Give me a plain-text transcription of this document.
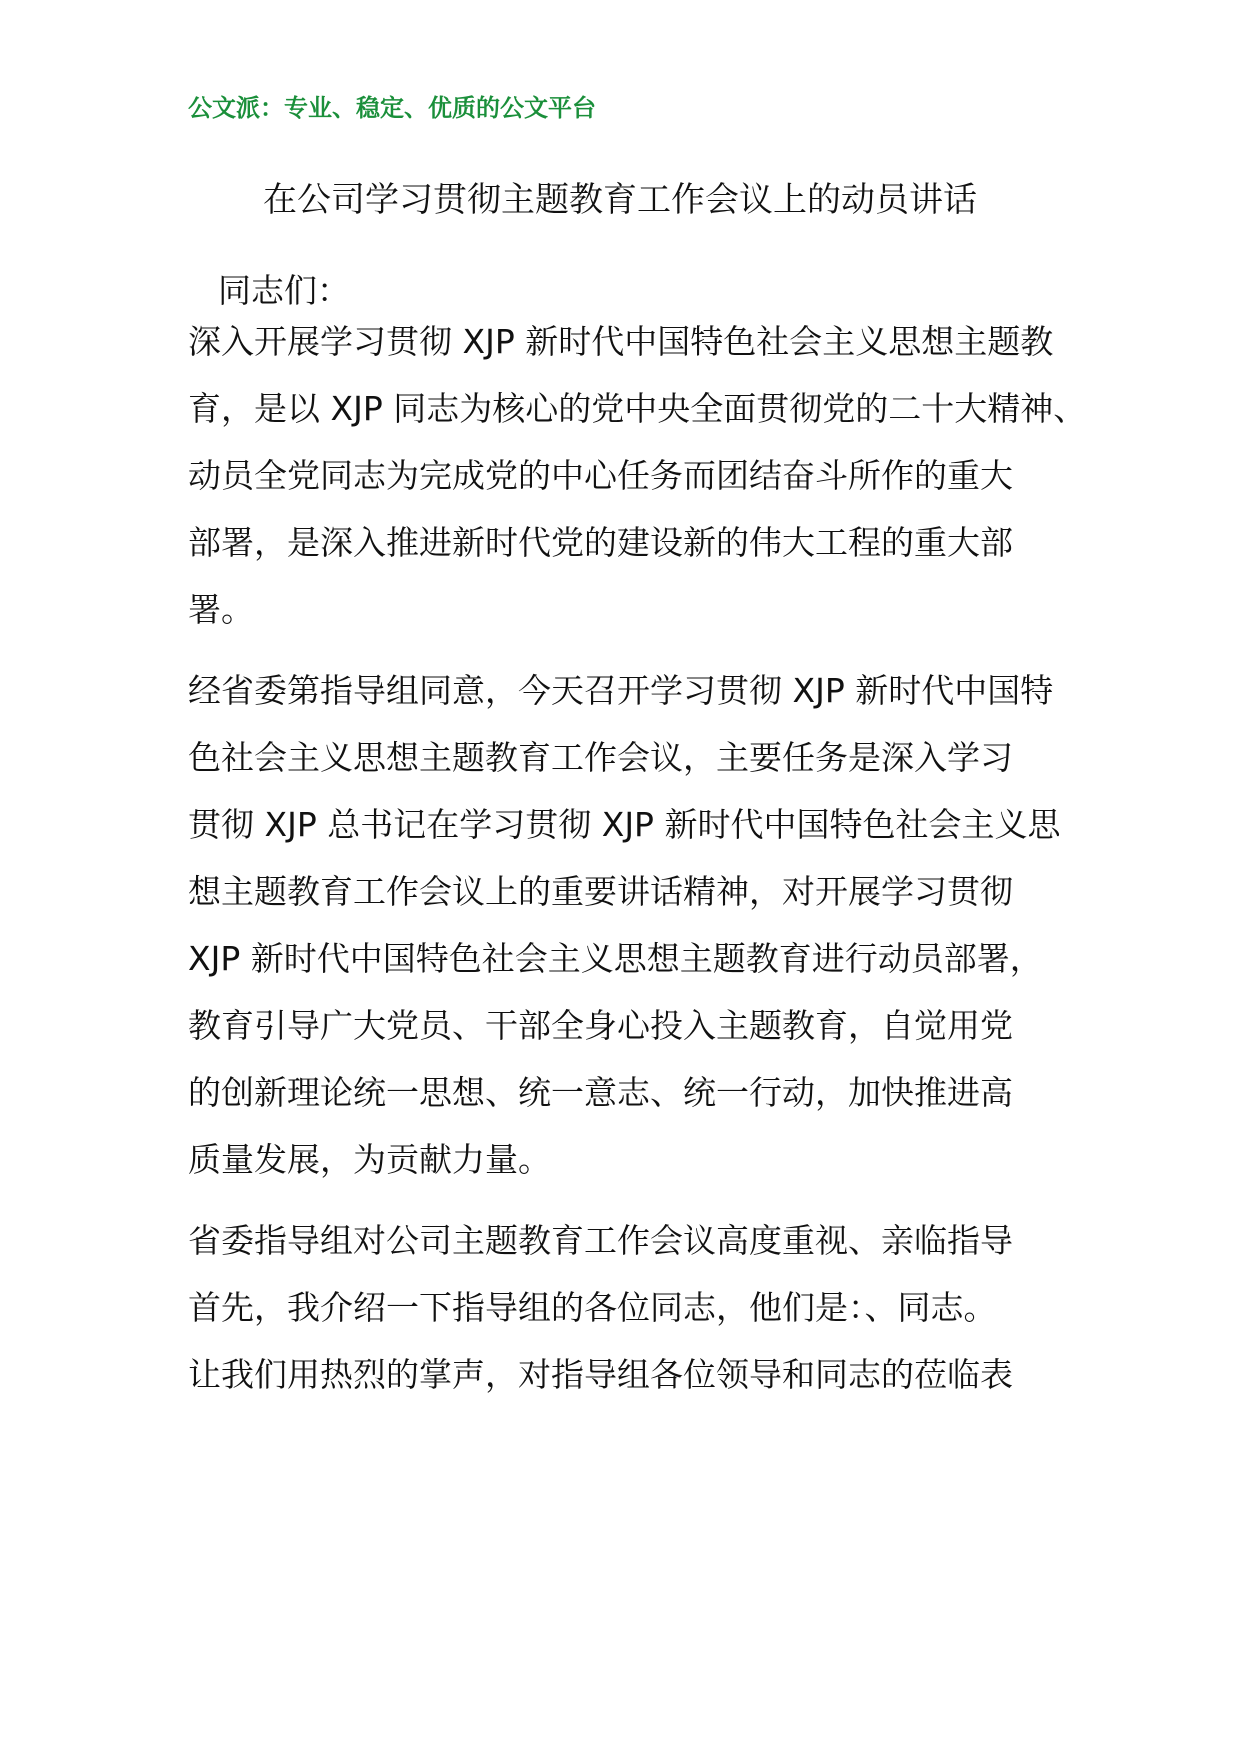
公文派：专业、稳定、优质的公文平台
在公司学习贯彻主题教育工作会议上的动员讲话
同志们：
深入开展学习贯彻 XJP 新时代中国特色社会主义思想主题教
育，是以 XJP 同志为核心的党中央全面贯彻党的二十大精神、
动员全党同志为完成党的中心任务而团结奋斗所作的重大
部署，是深入推进新时代党的建设新的伟大工程的重大部
署。
经省委第指导组同意，今天召开学习贯彻 XJP 新时代中国特
色社会主义思想主题教育工作会议，主要任务是深入学习
贯彻 XJP 总书记在学习贯彻 XJP 新时代中国特色社会主义思
想主题教育工作会议上的重要讲话精神，对开展学习贯彻
XJP 新时代中国特色社会主义思想主题教育进行动员部署，
教育引导广大党员、干部全身心投入主题教育，自觉用党
的创新理论统一思想、统一意志、统一行动，加快推进高
质量发展，为贡献力量。
省委指导组对公司主题教育工作会议高度重视、亲临指导
首先，我介绍一下指导组的各位同志，他们是：、同志。
让我们用热烈的掌声，对指导组各位领导和同志的莅临表
